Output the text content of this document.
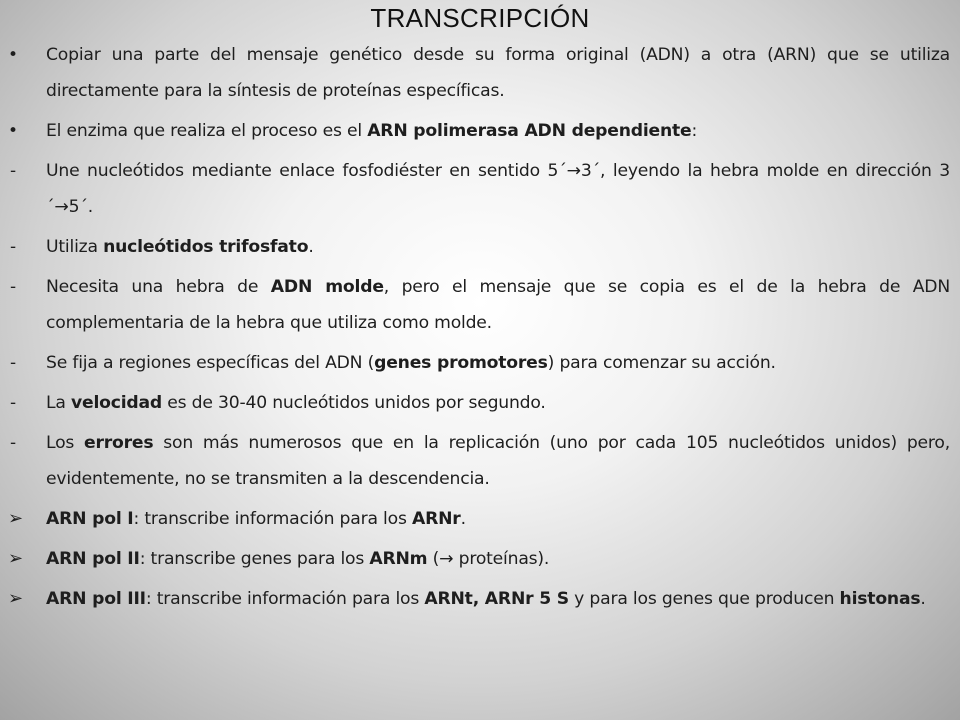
TRANSCRIPCIÓN
• Copiar una parte del mensaje genético desde su forma original (ADN) a otra (ARN) que se utiliza directamente para la síntesis de proteínas específicas.
• El enzima que realiza el proceso es el ARN polimerasa ADN dependiente:
- Une nucleótidos mediante enlace fosfodiéster en sentido 5´→3´, leyendo la hebra molde en dirección 3´→5´.
- Utiliza nucleótidos trifosfato.
- Necesita una hebra de ADN molde, pero el mensaje que se copia es el de la hebra de ADN complementaria de la hebra que utiliza como molde.
- Se fija a regiones específicas del ADN (genes promotores) para comenzar su acción.
- La velocidad es de 30-40 nucleótidos unidos por segundo.
- Los errores son más numerosos que en la replicación (uno por cada 105 nucleótidos unidos) pero, evidentemente, no se transmiten a la descendencia.
➢ ARN pol I: transcribe información para los ARNr.
➢ ARN pol II: transcribe genes para los ARNm (→ proteínas).
➢ ARN pol III: transcribe información para los ARNt, ARNr 5 S y para los genes que producen histonas.
